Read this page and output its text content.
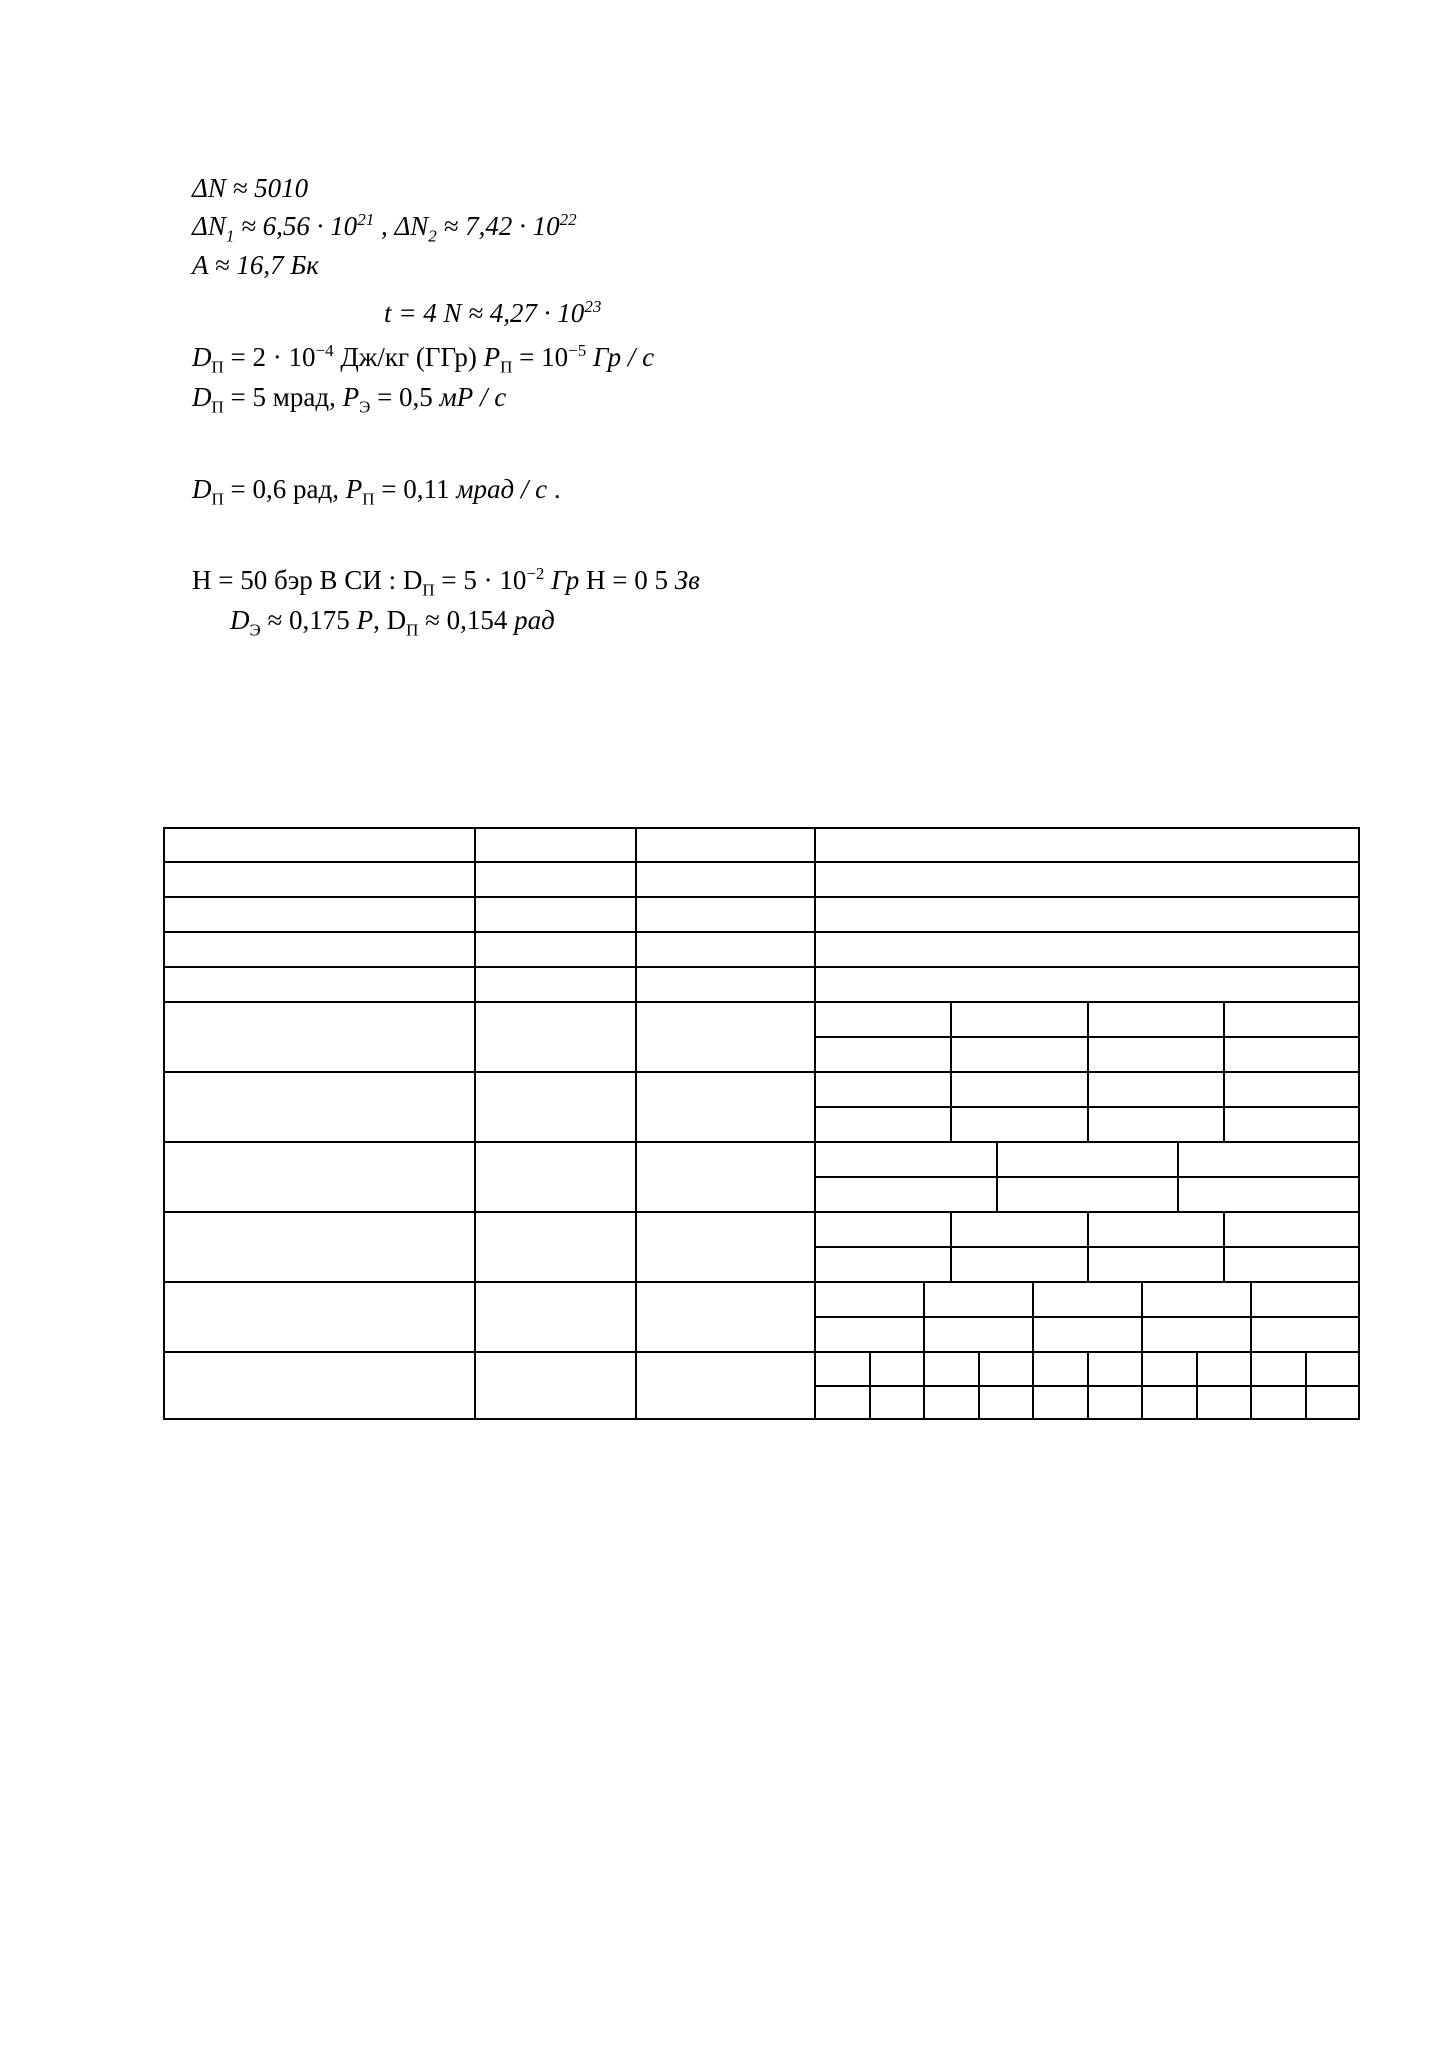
ΔN ≈ 5010
$\Delta N_1 \approx 6,56 \cdot 10^{21}$ , $\Delta N_2 \approx 7,42 \cdot 10^{22}$
A ≈ 16,7 Бк
t = 4 $N \approx 4,27 \cdot 10^{23}$
$D_П = 2 \cdot 10^{-4}$ Дж/кг (ГГр) $P_П = 10^{-5}$ Гр / с
$D_П = 5$ мрад, $P_Э = 0,5$ мР / с
$D_П = 0,6$ рад, $P_П = 0,11$ мрад / с .
H = 50 бэр В СИ : $D_П = 5 \cdot 10^{-2}$ Гр H = 0 5 Зв
$D_Э \approx 0,175$ Р, $D_П \approx 0,154$ рад
